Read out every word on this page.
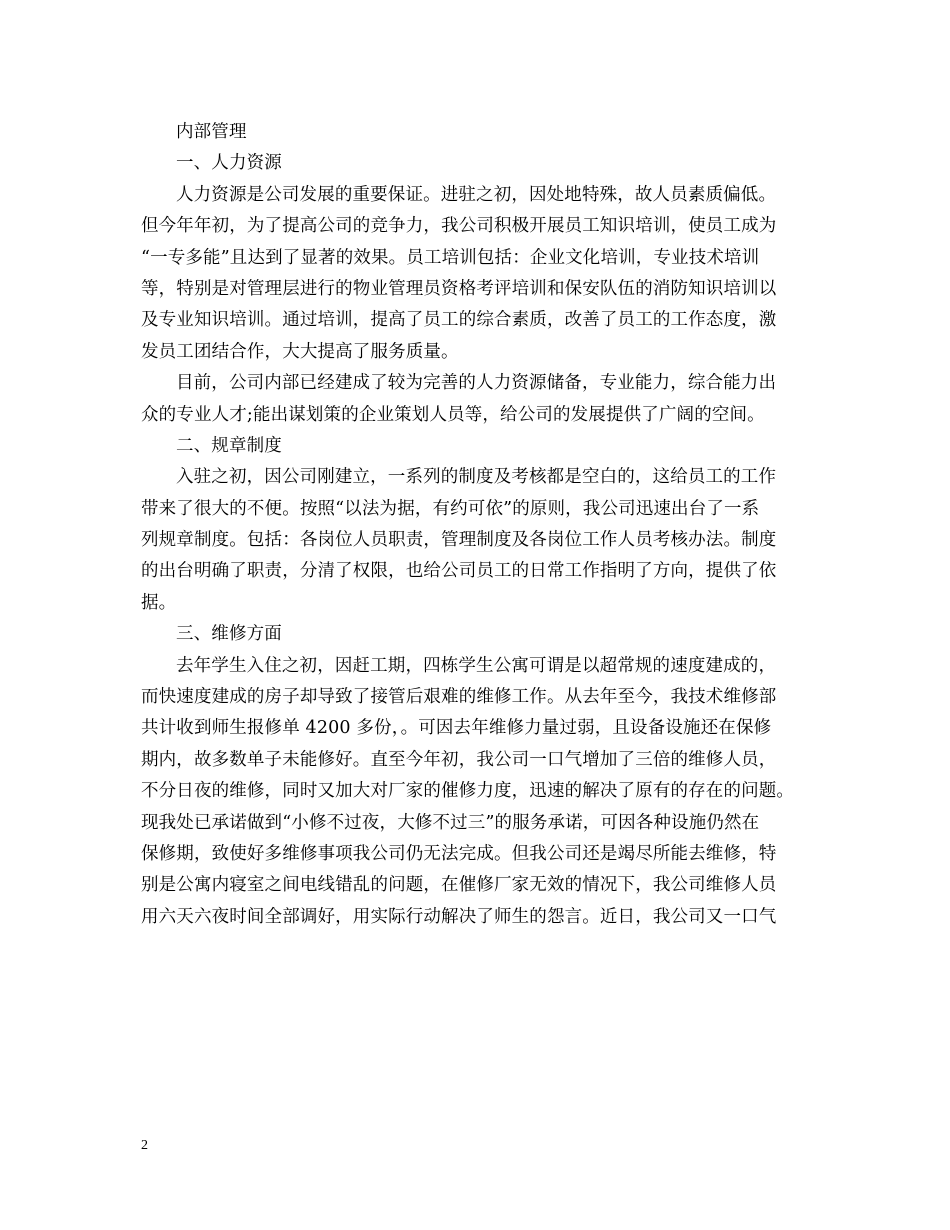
内部管理
一、人力资源
人力资源是公司发展的重要保证。进驻之初，因处地特殊，故人员素质偏低。
但今年年初，为了提高公司的竞争力，我公司积极开展员工知识培训，使员工成为
“一专多能”且达到了显著的效果。员工培训包括：企业文化培训，专业技术培训
等，特别是对管理层进行的物业管理员资格考评培训和保安队伍的消防知识培训以
及专业知识培训。通过培训，提高了员工的综合素质，改善了员工的工作态度，激
发员工团结合作，大大提高了服务质量。
目前，公司内部已经建成了较为完善的人力资源储备，专业能力，综合能力出
众的专业人才;能出谋划策的企业策划人员等，给公司的发展提供了广阔的空间。
二、规章制度
入驻之初，因公司刚建立，一系列的制度及考核都是空白的，这给员工的工作
带来了很大的不便。按照“以法为据，有约可依”的原则，我公司迅速出台了一系
列规章制度。包括：各岗位人员职责，管理制度及各岗位工作人员考核办法。制度
的出台明确了职责，分清了权限，也给公司员工的日常工作指明了方向，提供了依
据。
三、维修方面
去年学生入住之初，因赶工期，四栋学生公寓可谓是以超常规的速度建成的，
而快速度建成的房子却导致了接管后艰难的维修工作。从去年至今，我技术维修部
共计收到师生报修单 4200 多份，。可因去年维修力量过弱，且设备设施还在保修
期内，故多数单子未能修好。直至今年初，我公司一口气增加了三倍的维修人员，
不分日夜的维修，同时又加大对厂家的催修力度，迅速的解决了原有的存在的问题。
现我处已承诺做到“小修不过夜，大修不过三”的服务承诺，可因各种设施仍然在
保修期，致使好多维修事项我公司仍无法完成。但我公司还是竭尽所能去维修，特
别是公寓内寝室之间电线错乱的问题，在催修厂家无效的情况下，我公司维修人员
用六天六夜时间全部调好，用实际行动解决了师生的怨言。近日，我公司又一口气
2
